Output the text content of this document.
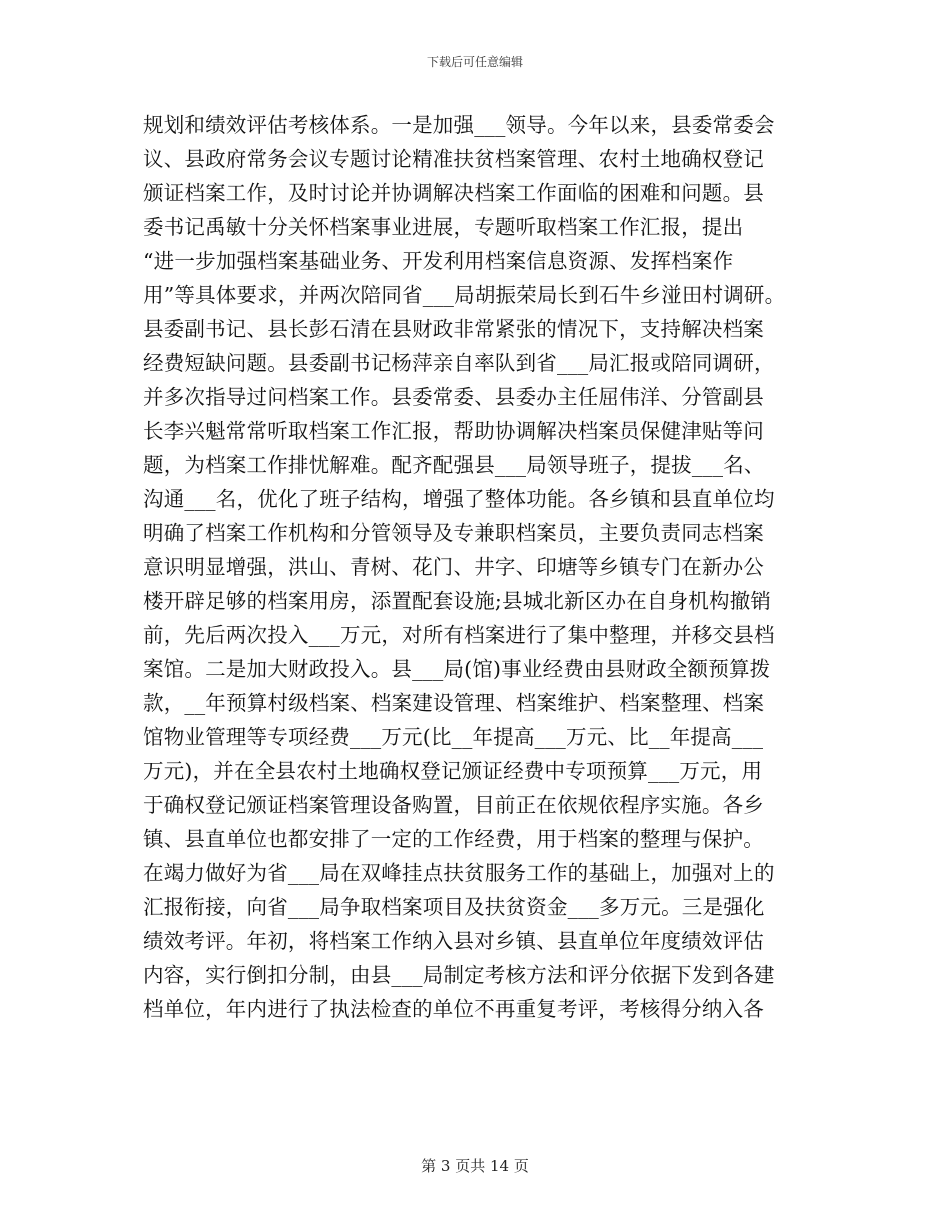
下载后可任意编辑
规划和绩效评估考核体系。一是加强___领导。今年以来，县委常委会
议、县政府常务会议专题讨论精准扶贫档案管理、农村土地确权登记
颁证档案工作，及时讨论并协调解决档案工作面临的困难和问题。县
委书记禹敏十分关怀档案事业进展，专题听取档案工作汇报，提出
“进一步加强档案基础业务、开发利用档案信息资源、发挥档案作
用”等具体要求，并两次陪同省___局胡振荣局长到石牛乡湴田村调研。
县委副书记、县长彭石清在县财政非常紧张的情况下，支持解决档案
经费短缺问题。县委副书记杨萍亲自率队到省___局汇报或陪同调研，
并多次指导过问档案工作。县委常委、县委办主任屈伟洋、分管副县
长李兴魁常常听取档案工作汇报，帮助协调解决档案员保健津贴等问
题，为档案工作排忧解难。配齐配强县___局领导班子，提拔___名、
沟通___名，优化了班子结构，增强了整体功能。各乡镇和县直单位均
明确了档案工作机构和分管领导及专兼职档案员，主要负责同志档案
意识明显增强，洪山、青树、花门、井字、印塘等乡镇专门在新办公
楼开辟足够的档案用房，添置配套设施;县城北新区办在自身机构撤销
前，先后两次投入___万元，对所有档案进行了集中整理，并移交县档
案馆。二是加大财政投入。县___局(馆)事业经费由县财政全额预算拨
款，__年预算村级档案、档案建设管理、档案维护、档案整理、档案
馆物业管理等专项经费___万元(比__年提高___万元、比__年提高___
万元)，并在全县农村土地确权登记颁证经费中专项预算___万元，用
于确权登记颁证档案管理设备购置，目前正在依规依程序实施。各乡
镇、县直单位也都安排了一定的工作经费，用于档案的整理与保护。
在竭力做好为省___局在双峰挂点扶贫服务工作的基础上，加强对上的
汇报衔接，向省___局争取档案项目及扶贫资金___多万元。三是强化
绩效考评。年初，将档案工作纳入县对乡镇、县直单位年度绩效评估
内容，实行倒扣分制，由县___局制定考核方法和评分依据下发到各建
档单位，年内进行了执法检查的单位不再重复考评，考核得分纳入各
第 3 页共 14 页
